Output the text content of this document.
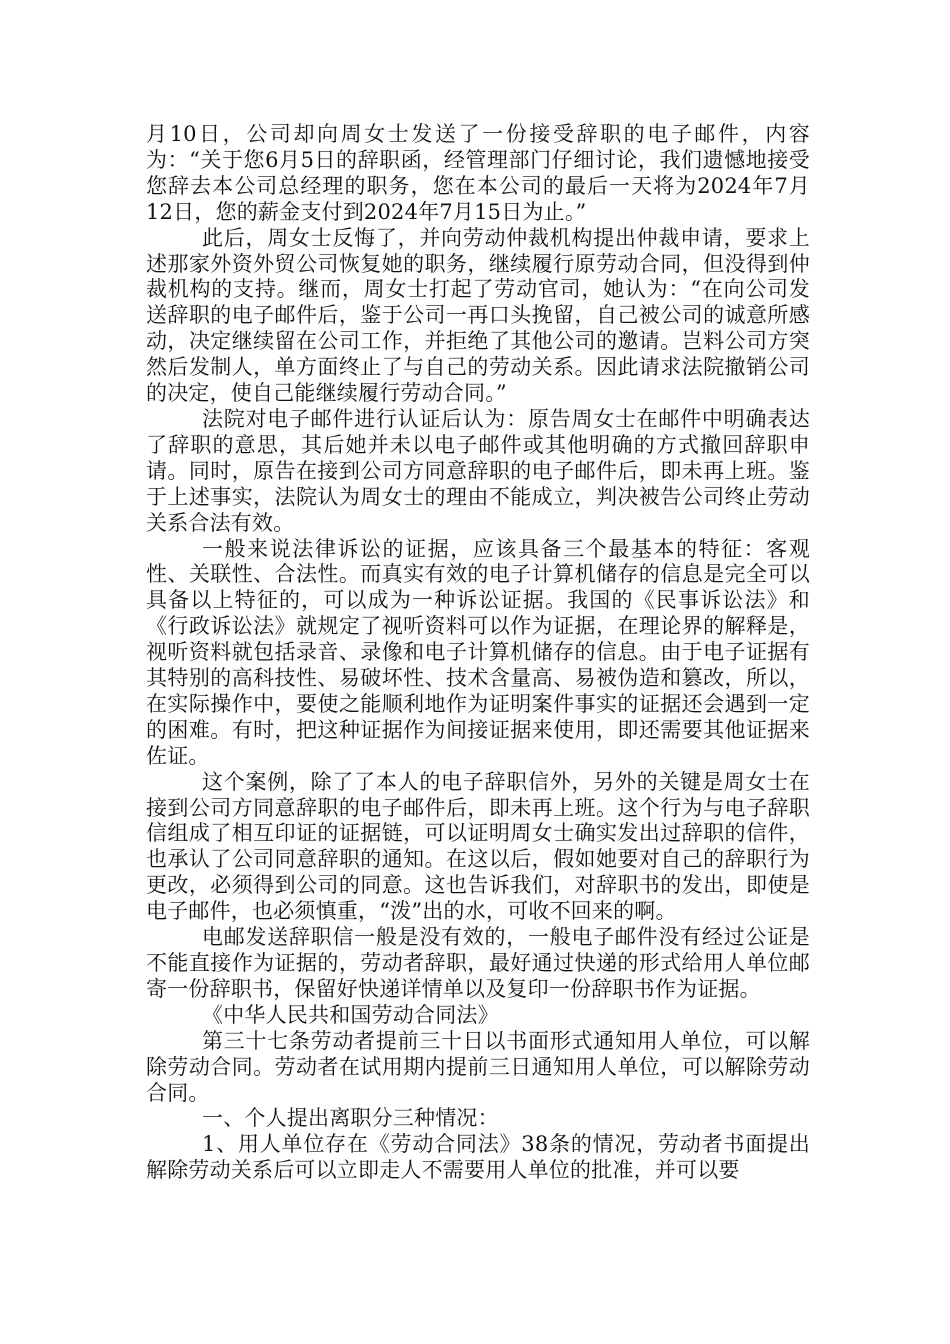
月10日，公司却向周女士发送了一份接受辞职的电子邮件，内容为：“关于您6月5日的辞职函，经管理部门仔细讨论，我们遗憾地接受您辞去本公司总经理的职务，您在本公司的最后一天将为2024年7月12日，您的薪金支付到2024年7月15日为止。”

此后，周女士反悔了，并向劳动仲裁机构提出仲裁申请，要求上述那家外资外贸公司恢复她的职务，继续履行原劳动合同，但没得到仲裁机构的支持。继而，周女士打起了劳动官司，她认为：“在向公司发送辞职的电子邮件后，鉴于公司一再口头挽留，自己被公司的诚意所感动，决定继续留在公司工作，并拒绝了其他公司的邀请。岂料公司方突然后发制人，单方面终止了与自己的劳动关系。因此请求法院撤销公司的决定，使自己能继续履行劳动合同。”

法院对电子邮件进行认证后认为：原告周女士在邮件中明确表达了辞职的意思，其后她并未以电子邮件或其他明确的方式撤回辞职申请。同时，原告在接到公司方同意辞职的电子邮件后，即未再上班。鉴于上述事实，法院认为周女士的理由不能成立，判决被告公司终止劳动关系合法有效。

一般来说法律诉讼的证据，应该具备三个最基本的特征：客观性、关联性、合法性。而真实有效的电子计算机储存的信息是完全可以具备以上特征的，可以成为一种诉讼证据。我国的《民事诉讼法》和《行政诉讼法》就规定了视听资料可以作为证据，在理论界的解释是，视听资料就包括录音、录像和电子计算机储存的信息。由于电子证据有其特别的高科技性、易破坏性、技术含量高、易被伪造和篡改，所以，在实际操作中，要使之能顺利地作为证明案件事实的证据还会遇到一定的困难。有时，把这种证据作为间接证据来使用，即还需要其他证据来佐证。

这个案例，除了了本人的电子辞职信外，另外的关键是周女士在接到公司方同意辞职的电子邮件后，即未再上班。这个行为与电子辞职信组成了相互印证的证据链，可以证明周女士确实发出过辞职的信件，也承认了公司同意辞职的通知。在这以后，假如她要对自己的辞职行为更改，必须得到公司的同意。这也告诉我们，对辞职书的发出，即使是电子邮件，也必须慎重，“泼”出的水，可收不回来的啊。

电邮发送辞职信一般是没有效的，一般电子邮件没有经过公证是不能直接作为证据的，劳动者辞职，最好通过快递的形式给用人单位邮寄一份辞职书，保留好快递详情单以及复印一份辞职书作为证据。

《中华人民共和国劳动合同法》

第三十七条劳动者提前三十日以书面形式通知用人单位，可以解除劳动合同。劳动者在试用期内提前三日通知用人单位，可以解除劳动合同。

一、个人提出离职分三种情况：

1、用人单位存在《劳动合同法》38条的情况，劳动者书面提出解除劳动关系后可以立即走人不需要用人单位的批准，并可以要
